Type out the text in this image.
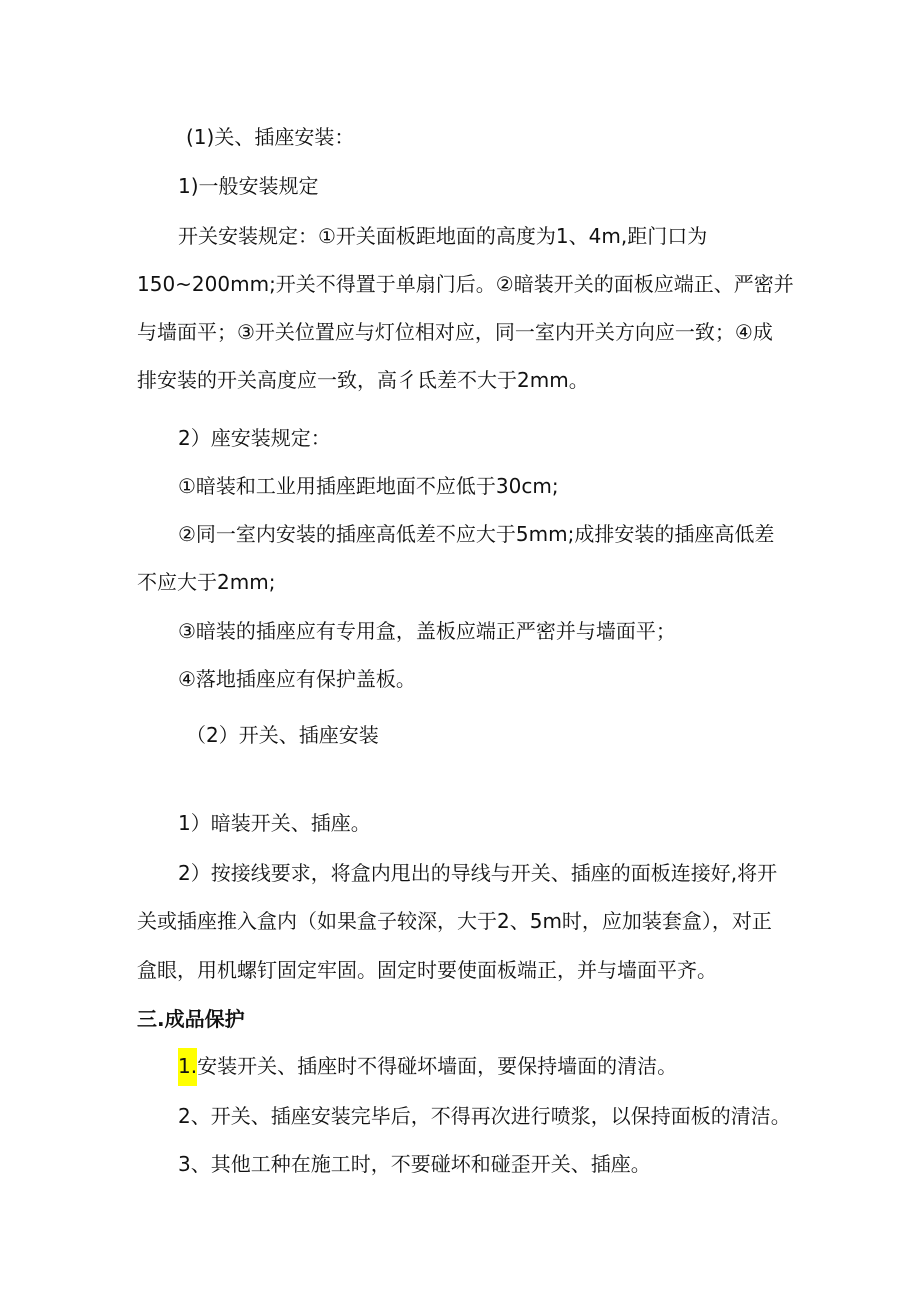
(1)关、插座安装：
1)一般安装规定
开关安装规定：①开关面板距地面的高度为1、4m,距门口为
150~200mm;开关不得置于单扇门后。②暗装开关的面板应端正、严密并
与墙面平；③开关位置应与灯位相对应，同一室内开关方向应一致；④成
排安装的开关高度应一致，高彳氐差不大于2mm。
2）座安装规定：
①暗装和工业用插座距地面不应低于30cm;
②同一室内安装的插座高低差不应大于5mm;成排安装的插座高低差
不应大于2mm;
③暗装的插座应有专用盒，盖板应端正严密并与墙面平；
④落地插座应有保护盖板。
（2）开关、插座安装
1）暗装开关、插座。
2）按接线要求，将盒内甩出的导线与开关、插座的面板连接好,将开
关或插座推入盒内（如果盒子较深，大于2、5m时，应加装套盒），对正
盒眼，用机螺钉固定牢固。固定时要使面板端正，并与墙面平齐。
三.成品保护
1.安装开关、插座时不得碰坏墙面，要保持墙面的清洁。
2、开关、插座安装完毕后，不得再次进行喷浆，以保持面板的清洁。
3、其他工种在施工时，不要碰坏和碰歪开关、插座。
